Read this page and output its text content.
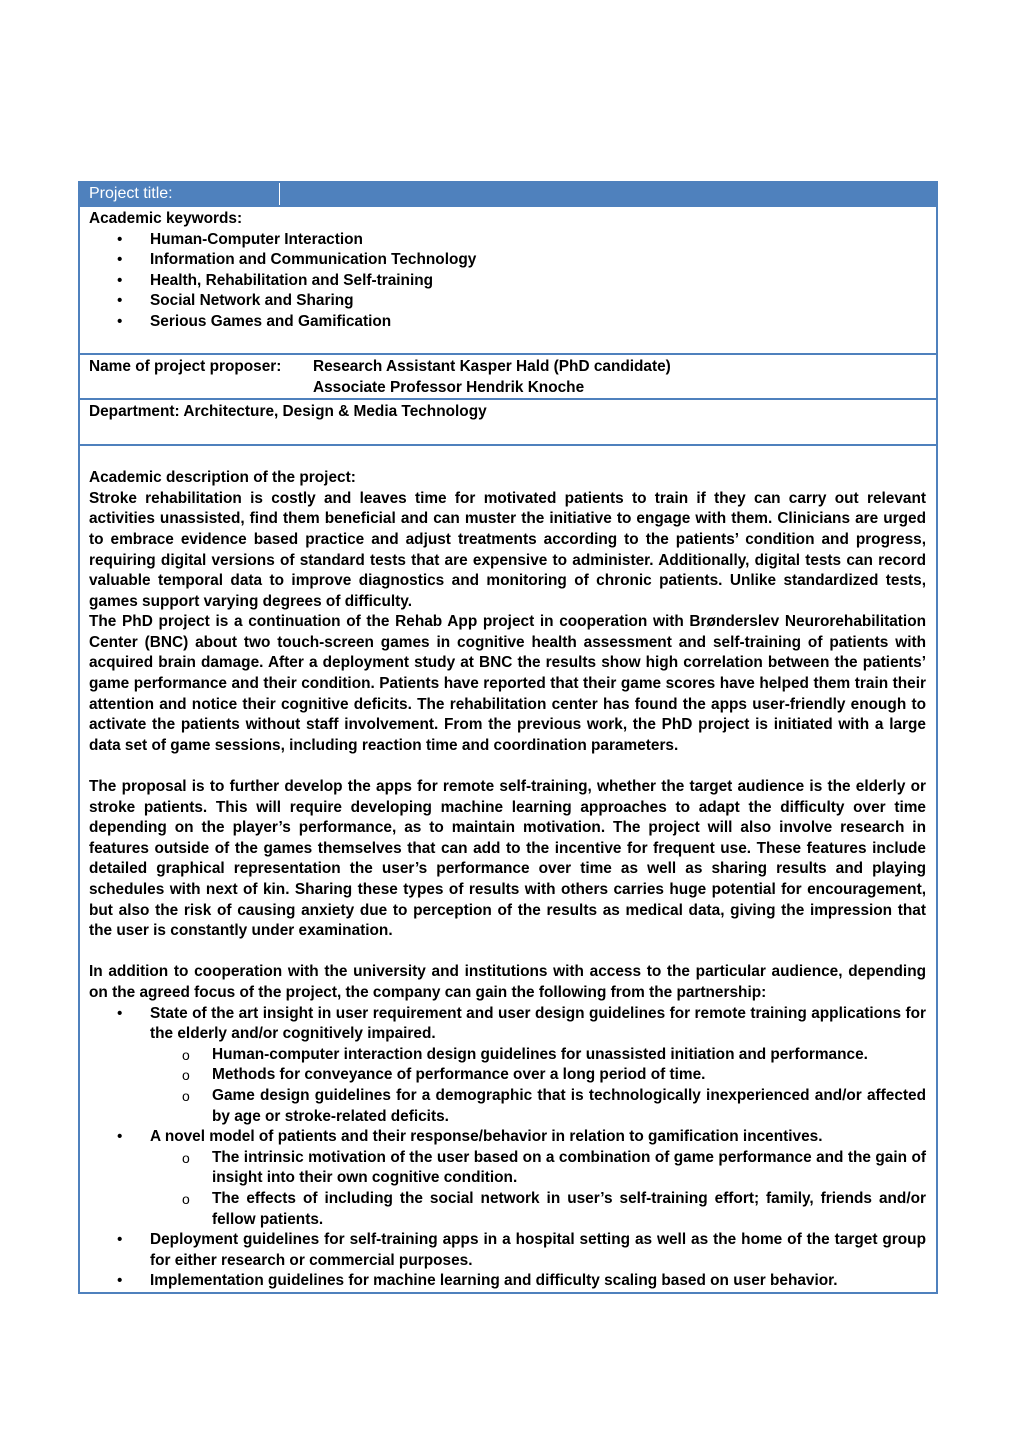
Project title:
Academic keywords:
• Human-Computer Interaction
• Information and Communication Technology
• Health, Rehabilitation and Self-training
• Social Network and Sharing
• Serious Games and Gamification
Name of project proposer:	Research Assistant Kasper Hald (PhD candidate)
Associate Professor Hendrik Knoche
Department: Architecture, Design & Media Technology
Academic description of the project:
Stroke rehabilitation is costly and leaves time for motivated patients to train if they can carry out relevant activities unassisted, find them beneficial and can muster the initiative to engage with them. Clinicians are urged to embrace evidence based practice and adjust treatments according to the patients’ condition and progress, requiring digital versions of standard tests that are expensive to administer. Additionally, digital tests can record valuable temporal data to improve diagnostics and monitoring of chronic patients. Unlike standardized tests, games support varying degrees of difficulty.
The PhD project is a continuation of the Rehab App project in cooperation with Brønderslev Neurorehabilitation Center (BNC) about two touch-screen games in cognitive health assessment and self-training of patients with acquired brain damage. After a deployment study at BNC the results show high correlation between the patients’ game performance and their condition. Patients have reported that their game scores have helped them train their attention and notice their cognitive deficits. The rehabilitation center has found the apps user-friendly enough to activate the patients without staff involvement. From the previous work, the PhD project is initiated with a large data set of game sessions, including reaction time and coordination parameters.
The proposal is to further develop the apps for remote self-training, whether the target audience is the elderly or stroke patients. This will require developing machine learning approaches to adapt the difficulty over time depending on the player’s performance, as to maintain motivation. The project will also involve research in features outside of the games themselves that can add to the incentive for frequent use. These features include detailed graphical representation the user’s performance over time as well as sharing results and playing schedules with next of kin. Sharing these types of results with others carries huge potential for encouragement, but also the risk of causing anxiety due to perception of the results as medical data, giving the impression that the user is constantly under examination.
In addition to cooperation with the university and institutions with access to the particular audience, depending on the agreed focus of the project, the company can gain the following from the partnership:
• State of the art insight in user requirement and user design guidelines for remote training applications for the elderly and/or cognitively impaired.
o Human-computer interaction design guidelines for unassisted initiation and performance.
o Methods for conveyance of performance over a long period of time.
o Game design guidelines for a demographic that is technologically inexperienced and/or affected by age or stroke-related deficits.
• A novel model of patients and their response/behavior in relation to gamification incentives.
o The intrinsic motivation of the user based on a combination of game performance and the gain of insight into their own cognitive condition.
o The effects of including the social network in user’s self-training effort; family, friends and/or fellow patients.
• Deployment guidelines for self-training apps in a hospital setting as well as the home of the target group for either research or commercial purposes.
• Implementation guidelines for machine learning and difficulty scaling based on user behavior.
